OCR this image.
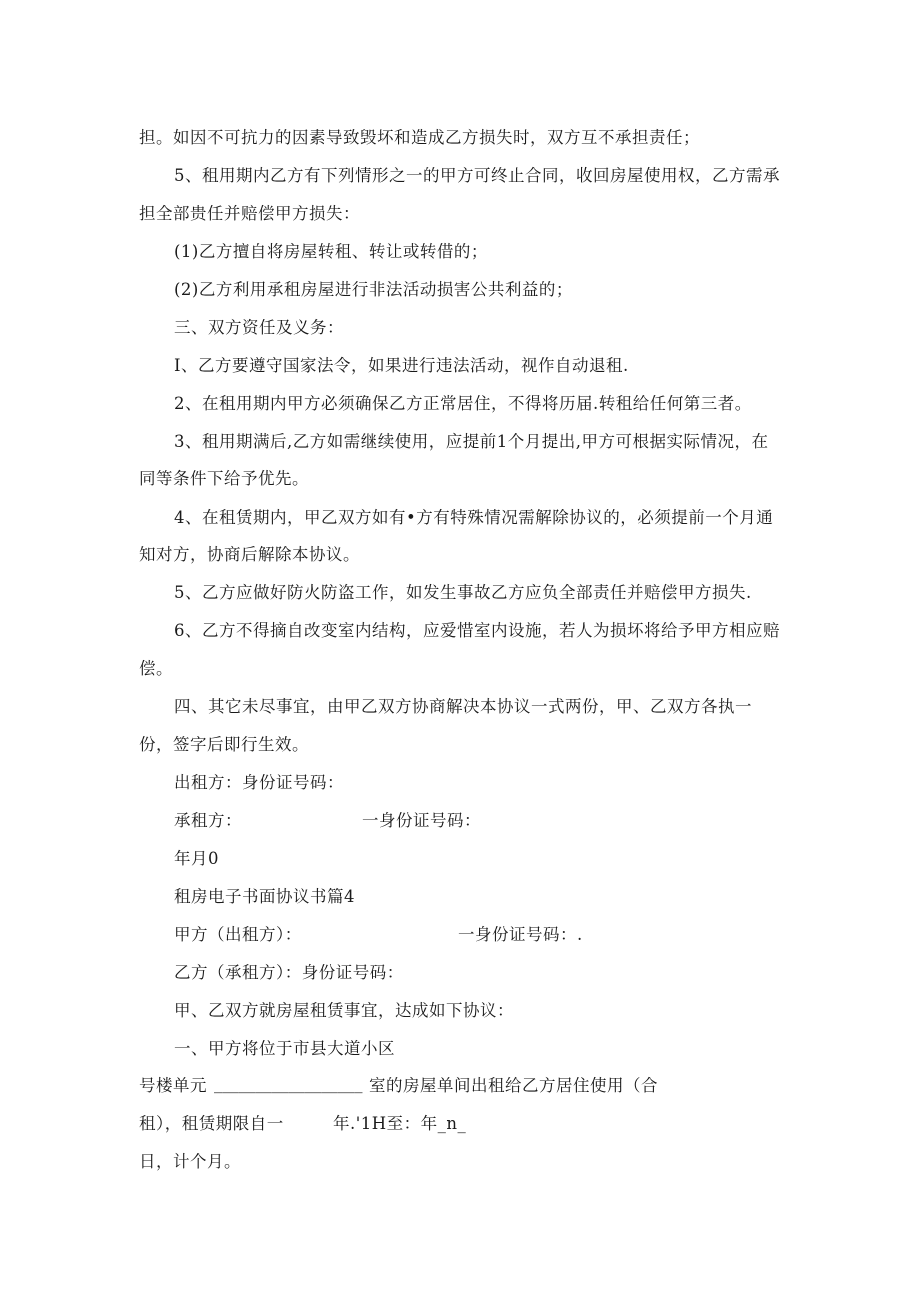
担。如因不可抗力的因素导致毁坏和造成乙方损失时，双方互不承担责任；
5、租用期内乙方有下列情形之一的甲方可终止合同，收回房屋使用权，乙方需承
担全部贵任并赔偿甲方损失：
(1)乙方擅自将房屋转租、转让或转借的；
(2)乙方利用承租房屋进行非法活动损害公共利益的；
三、双方资任及义务：
I、乙方要遵守国家法令，如果进行违法活动，视作自动退租.
2、在租用期内甲方必须确保乙方正常居住，不得将历届.转租给任何第三者。
3、租用期满后,乙方如需继续使用，应提前1个月提出,甲方可根据实际情况，在
同等条件下给予优先。
4、在租赁期内，甲乙双方如有•方有特殊情况需解除协议的，必须提前一个月通
知对方，协商后解除本协议。
5、乙方应做好防火防盗工作，如发生事故乙方应负全部责任并赔偿甲方损失.
6、乙方不得摘自改变室内结构，应爱惜室内设施，若人为损坏将给予甲方相应赔
偿。
四、其它未尽事宜，由甲乙双方协商解决本协议一式两份，甲、乙双方各执一
份，签字后即行生效。
出租方：身份证号码：
承租方：	一身份证号码：
年月0
租房电子书面协议书篇4
甲方（出租方）：	一身份证号码：.
乙方（承租方）：身份证号码：
甲、乙双方就房屋租赁事宜，达成如下协议：
一、甲方将位于市县大道小区
号楼单元 __________________ 室的房屋单间出租给乙方居住使用（合
租），租赁期限自一	年.'1H至：年_n_
日，计个月。
